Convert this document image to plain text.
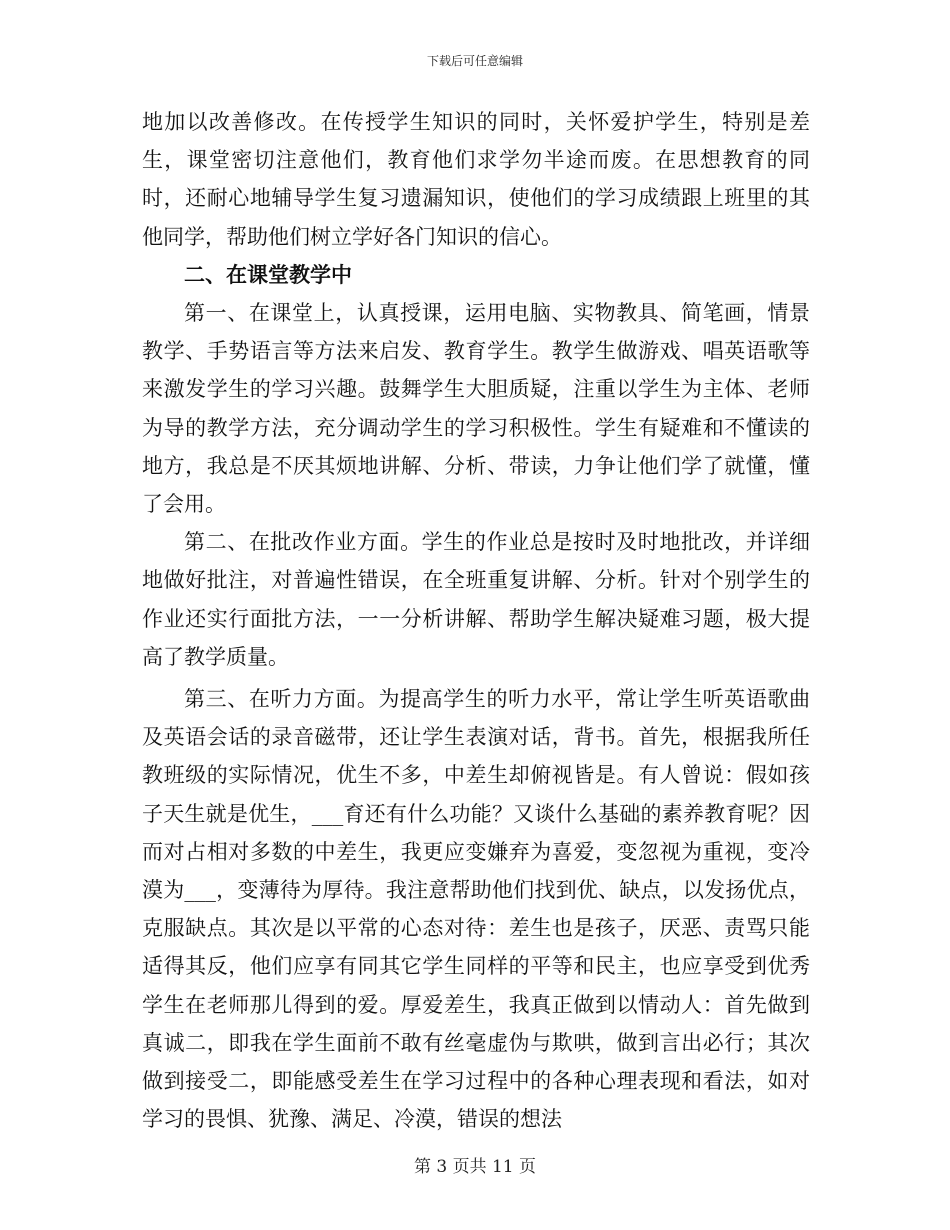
下载后可任意编辑

地加以改善修改。在传授学生知识的同时，关怀爱护学生，特别是差生，课堂密切注意他们，教育他们求学勿半途而废。在思想教育的同时，还耐心地辅导学生复习遗漏知识，使他们的学习成绩跟上班里的其他同学，帮助他们树立学好各门知识的信心。

二、在课堂教学中

第一、在课堂上，认真授课，运用电脑、实物教具、简笔画，情景教学、手势语言等方法来启发、教育学生。教学生做游戏、唱英语歌等来激发学生的学习兴趣。鼓舞学生大胆质疑，注重以学生为主体、老师为导的教学方法，充分调动学生的学习积极性。学生有疑难和不懂读的地方，我总是不厌其烦地讲解、分析、带读，力争让他们学了就懂，懂了会用。

第二、在批改作业方面。学生的作业总是按时及时地批改，并详细地做好批注，对普遍性错误，在全班重复讲解、分析。针对个别学生的作业还实行面批方法，一一分析讲解、帮助学生解决疑难习题，极大提高了教学质量。

第三、在听力方面。为提高学生的听力水平，常让学生听英语歌曲及英语会话的录音磁带，还让学生表演对话，背书。首先，根据我所任教班级的实际情况，优生不多，中差生却俯视皆是。有人曾说：假如孩子天生就是优生，___育还有什么功能？又谈什么基础的素养教育呢？因而对占相对多数的中差生，我更应变嫌弃为喜爱，变忽视为重视，变冷漠为___，变薄待为厚待。我注意帮助他们找到优、缺点，以发扬优点，克服缺点。其次是以平常的心态对待：差生也是孩子，厌恶、责骂只能适得其反，他们应享有同其它学生同样的平等和民主，也应享受到优秀学生在老师那儿得到的爱。厚爱差生，我真正做到以情动人：首先做到真诚二，即我在学生面前不敢有丝毫虚伪与欺哄，做到言出必行；其次做到接受二，即能感受差生在学习过程中的各种心理表现和看法，如对学习的畏惧、犹豫、满足、冷漠，错误的想法

第 3 页共 11 页
